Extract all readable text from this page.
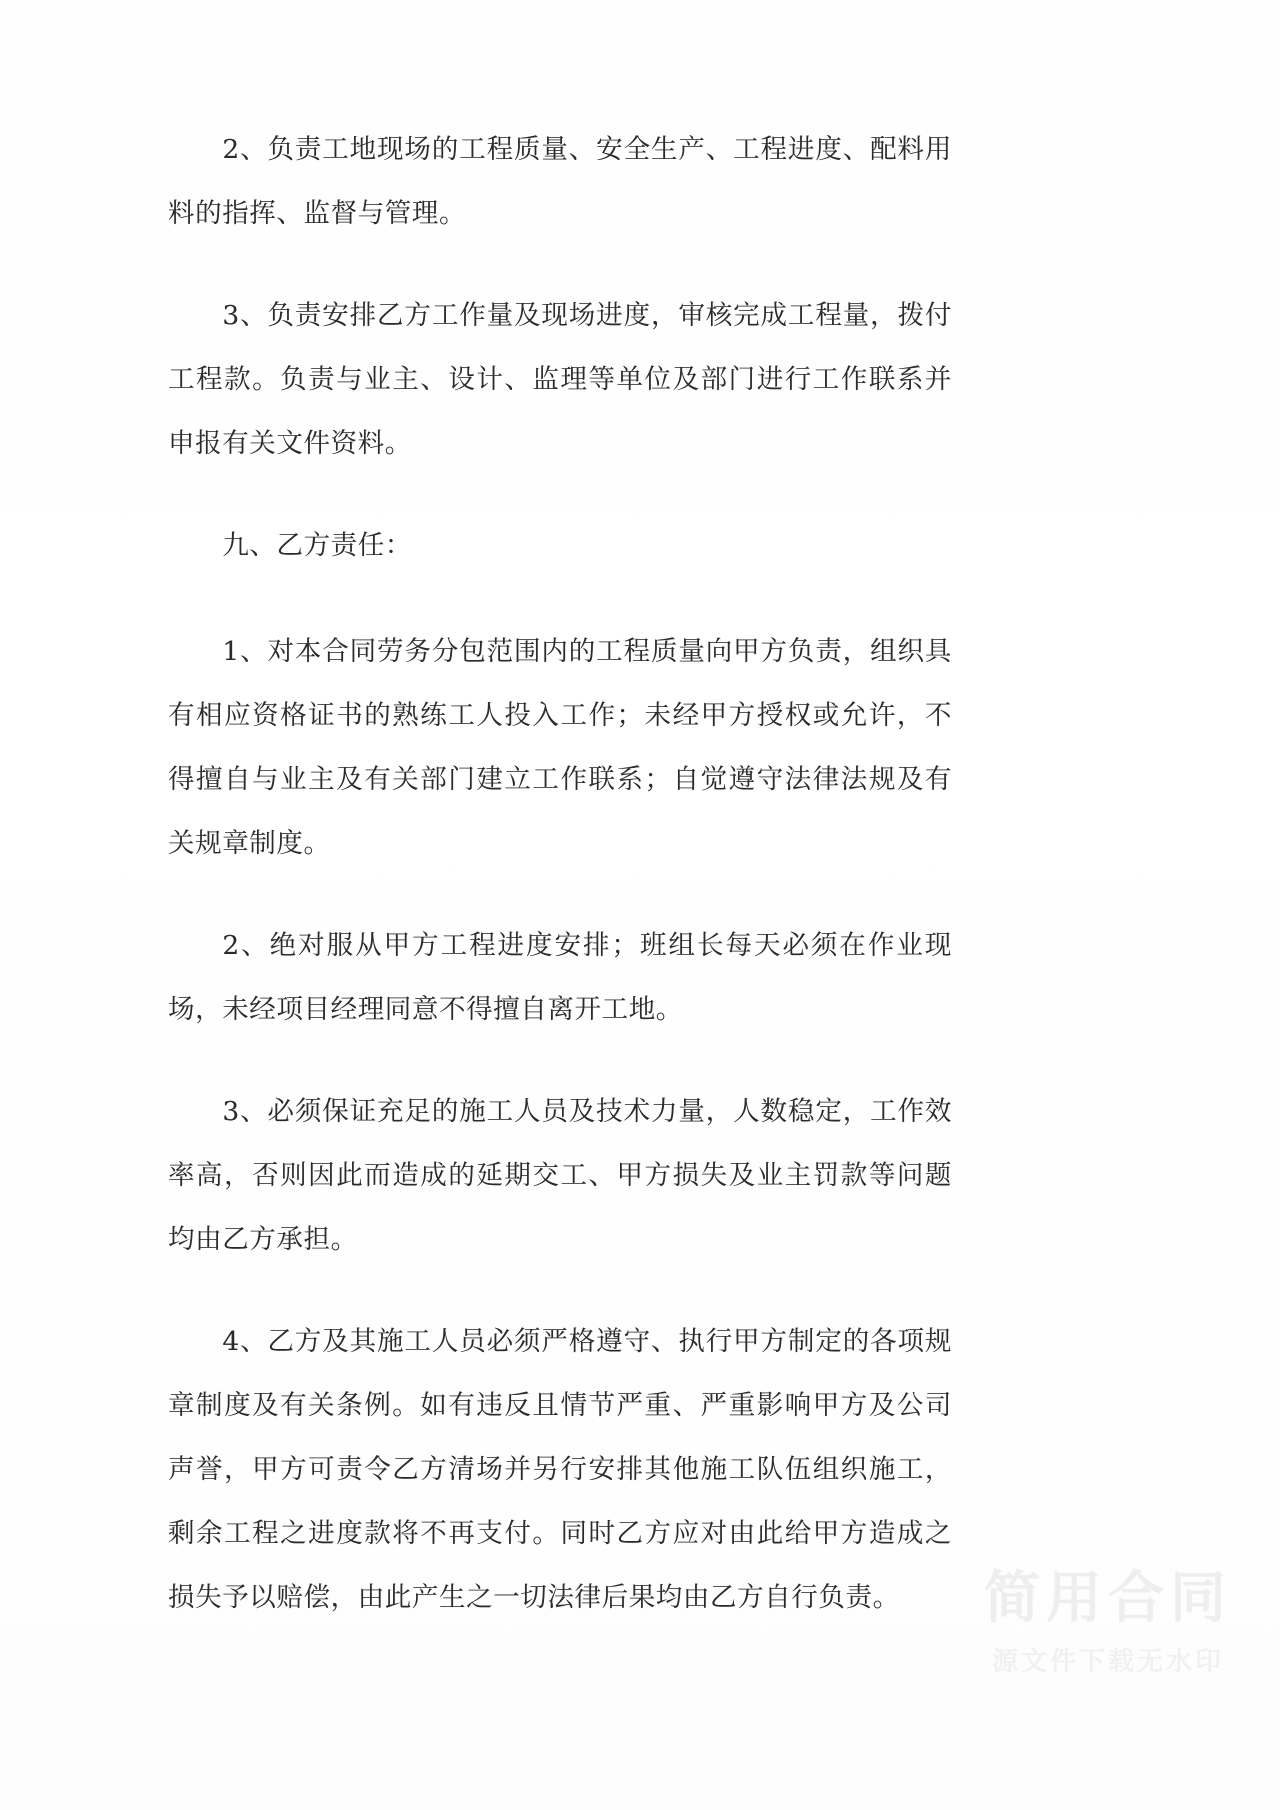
2、负责工地现场的工程质量、安全生产、工程进度、配料用料的指挥、监督与管理。

3、负责安排乙方工作量及现场进度，审核完成工程量，拨付工程款。负责与业主、设计、监理等单位及部门进行工作联系并申报有关文件资料。

九、乙方责任：

1、对本合同劳务分包范围内的工程质量向甲方负责，组织具有相应资格证书的熟练工人投入工作；未经甲方授权或允许，不得擅自与业主及有关部门建立工作联系；自觉遵守法律法规及有关规章制度。

2、绝对服从甲方工程进度安排；班组长每天必须在作业现场，未经项目经理同意不得擅自离开工地。

3、必须保证充足的施工人员及技术力量，人数稳定，工作效率高，否则因此而造成的延期交工、甲方损失及业主罚款等问题均由乙方承担。

4、乙方及其施工人员必须严格遵守、执行甲方制定的各项规章制度及有关条例。如有违反且情节严重、严重影响甲方及公司声誉，甲方可责令乙方清场并另行安排其他施工队伍组织施工， 剩余工程之进度款将不再支付。同时乙方应对由此给甲方造成之损失予以赔偿，由此产生之一切法律后果均由乙方自行负责。	简用合同
源文件下载无水印
